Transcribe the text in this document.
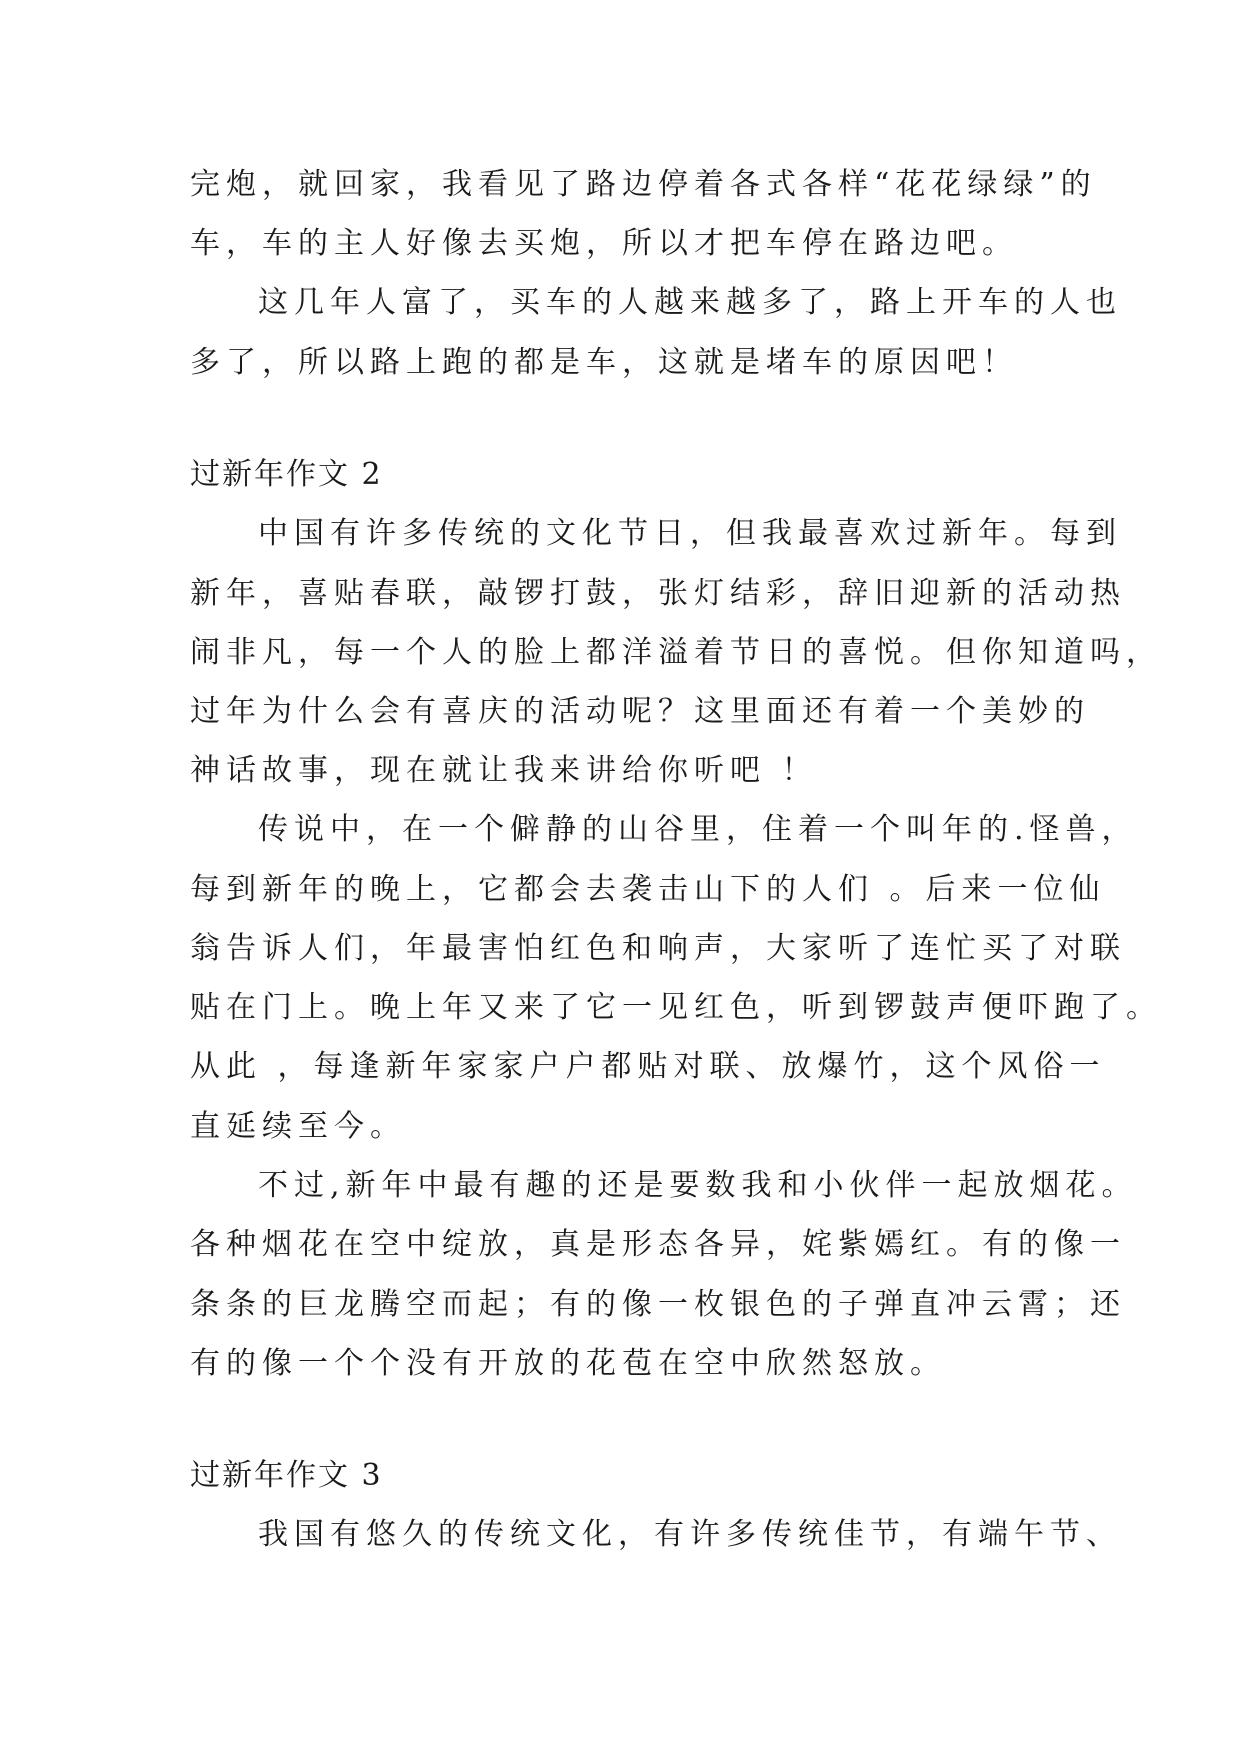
完炮，就回家，我看见了路边停着各式各样“花花绿绿”的
车，车的主人好像去买炮，所以才把车停在路边吧。
这几年人富了，买车的人越来越多了，路上开车的人也
多了，所以路上跑的都是车，这就是堵车的原因吧！
过新年作文 2
中国有许多传统的文化节日，但我最喜欢过新年。每到
新年，喜贴春联，敲锣打鼓，张灯结彩，辞旧迎新的活动热
闹非凡，每一个人的脸上都洋溢着节日的喜悦。但你知道吗，
过年为什么会有喜庆的活动呢？这里面还有着一个美妙的
神话故事，现在就让我来讲给你听吧 ！
传说中，在一个僻静的山谷里，住着一个叫年的.怪兽，
每到新年的晚上，它都会去袭击山下的人们 。后来一位仙
翁告诉人们，年最害怕红色和响声，大家听了连忙买了对联
贴在门上。晚上年又来了它一见红色，听到锣鼓声便吓跑了。
从此 ，每逢新年家家户户都贴对联、放爆竹，这个风俗一
直延续至今。
不过,新年中最有趣的还是要数我和小伙伴一起放烟花。
各种烟花在空中绽放，真是形态各异，姹紫嫣红。有的像一
条条的巨龙腾空而起；有的像一枚银色的子弹直冲云霄；还
有的像一个个没有开放的花苞在空中欣然怒放。
过新年作文 3
我国有悠久的传统文化，有许多传统佳节，有端午节、
